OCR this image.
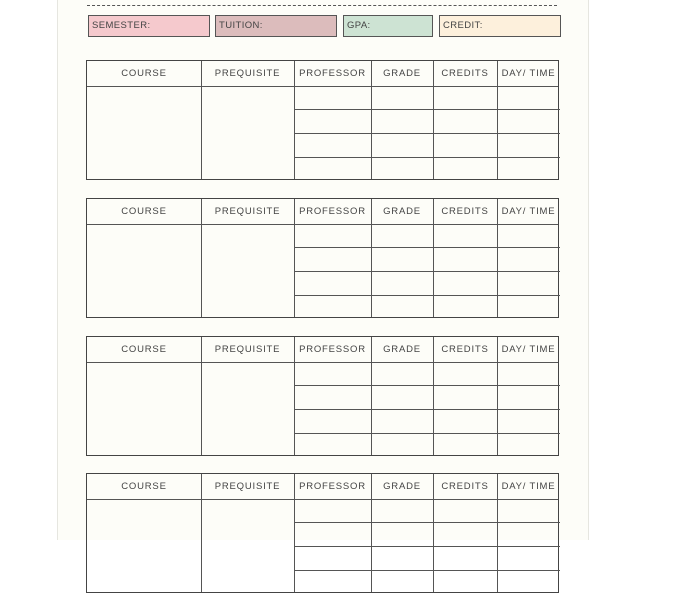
SEMESTER:	TUITION:	GPA:	CREDIT:
COURSE	PREQUISITE	PROFESSOR	GRADE	CREDITS	DAY/ TIME
COURSE	PREQUISITE	PROFESSOR	GRADE	CREDITS	DAY/ TIME
COURSE	PREQUISITE	PROFESSOR	GRADE	CREDITS	DAY/ TIME
COURSE	PREQUISITE	PROFESSOR	GRADE	CREDITS	DAY/ TIME
